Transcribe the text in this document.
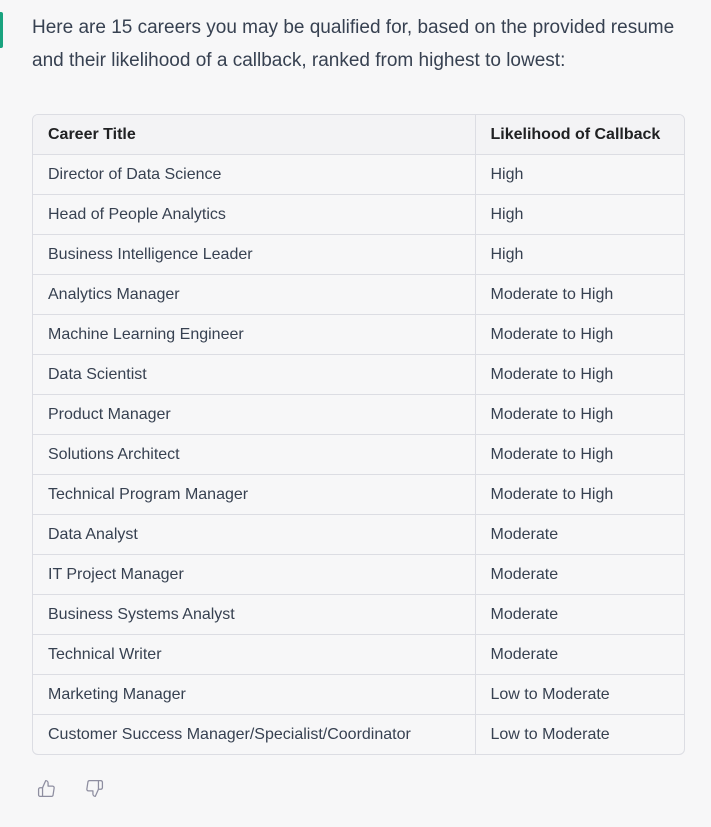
Here are 15 careers you may be qualified for, based on the provided resume and their likelihood of a callback, ranked from highest to lowest:

Career Title	Likelihood of Callback
Director of Data Science	High
Head of People Analytics	High
Business Intelligence Leader	High
Analytics Manager	Moderate to High
Machine Learning Engineer	Moderate to High
Data Scientist	Moderate to High
Product Manager	Moderate to High
Solutions Architect	Moderate to High
Technical Program Manager	Moderate to High
Data Analyst	Moderate
IT Project Manager	Moderate
Business Systems Analyst	Moderate
Technical Writer	Moderate
Marketing Manager	Low to Moderate
Customer Success Manager/Specialist/Coordinator	Low to Moderate
